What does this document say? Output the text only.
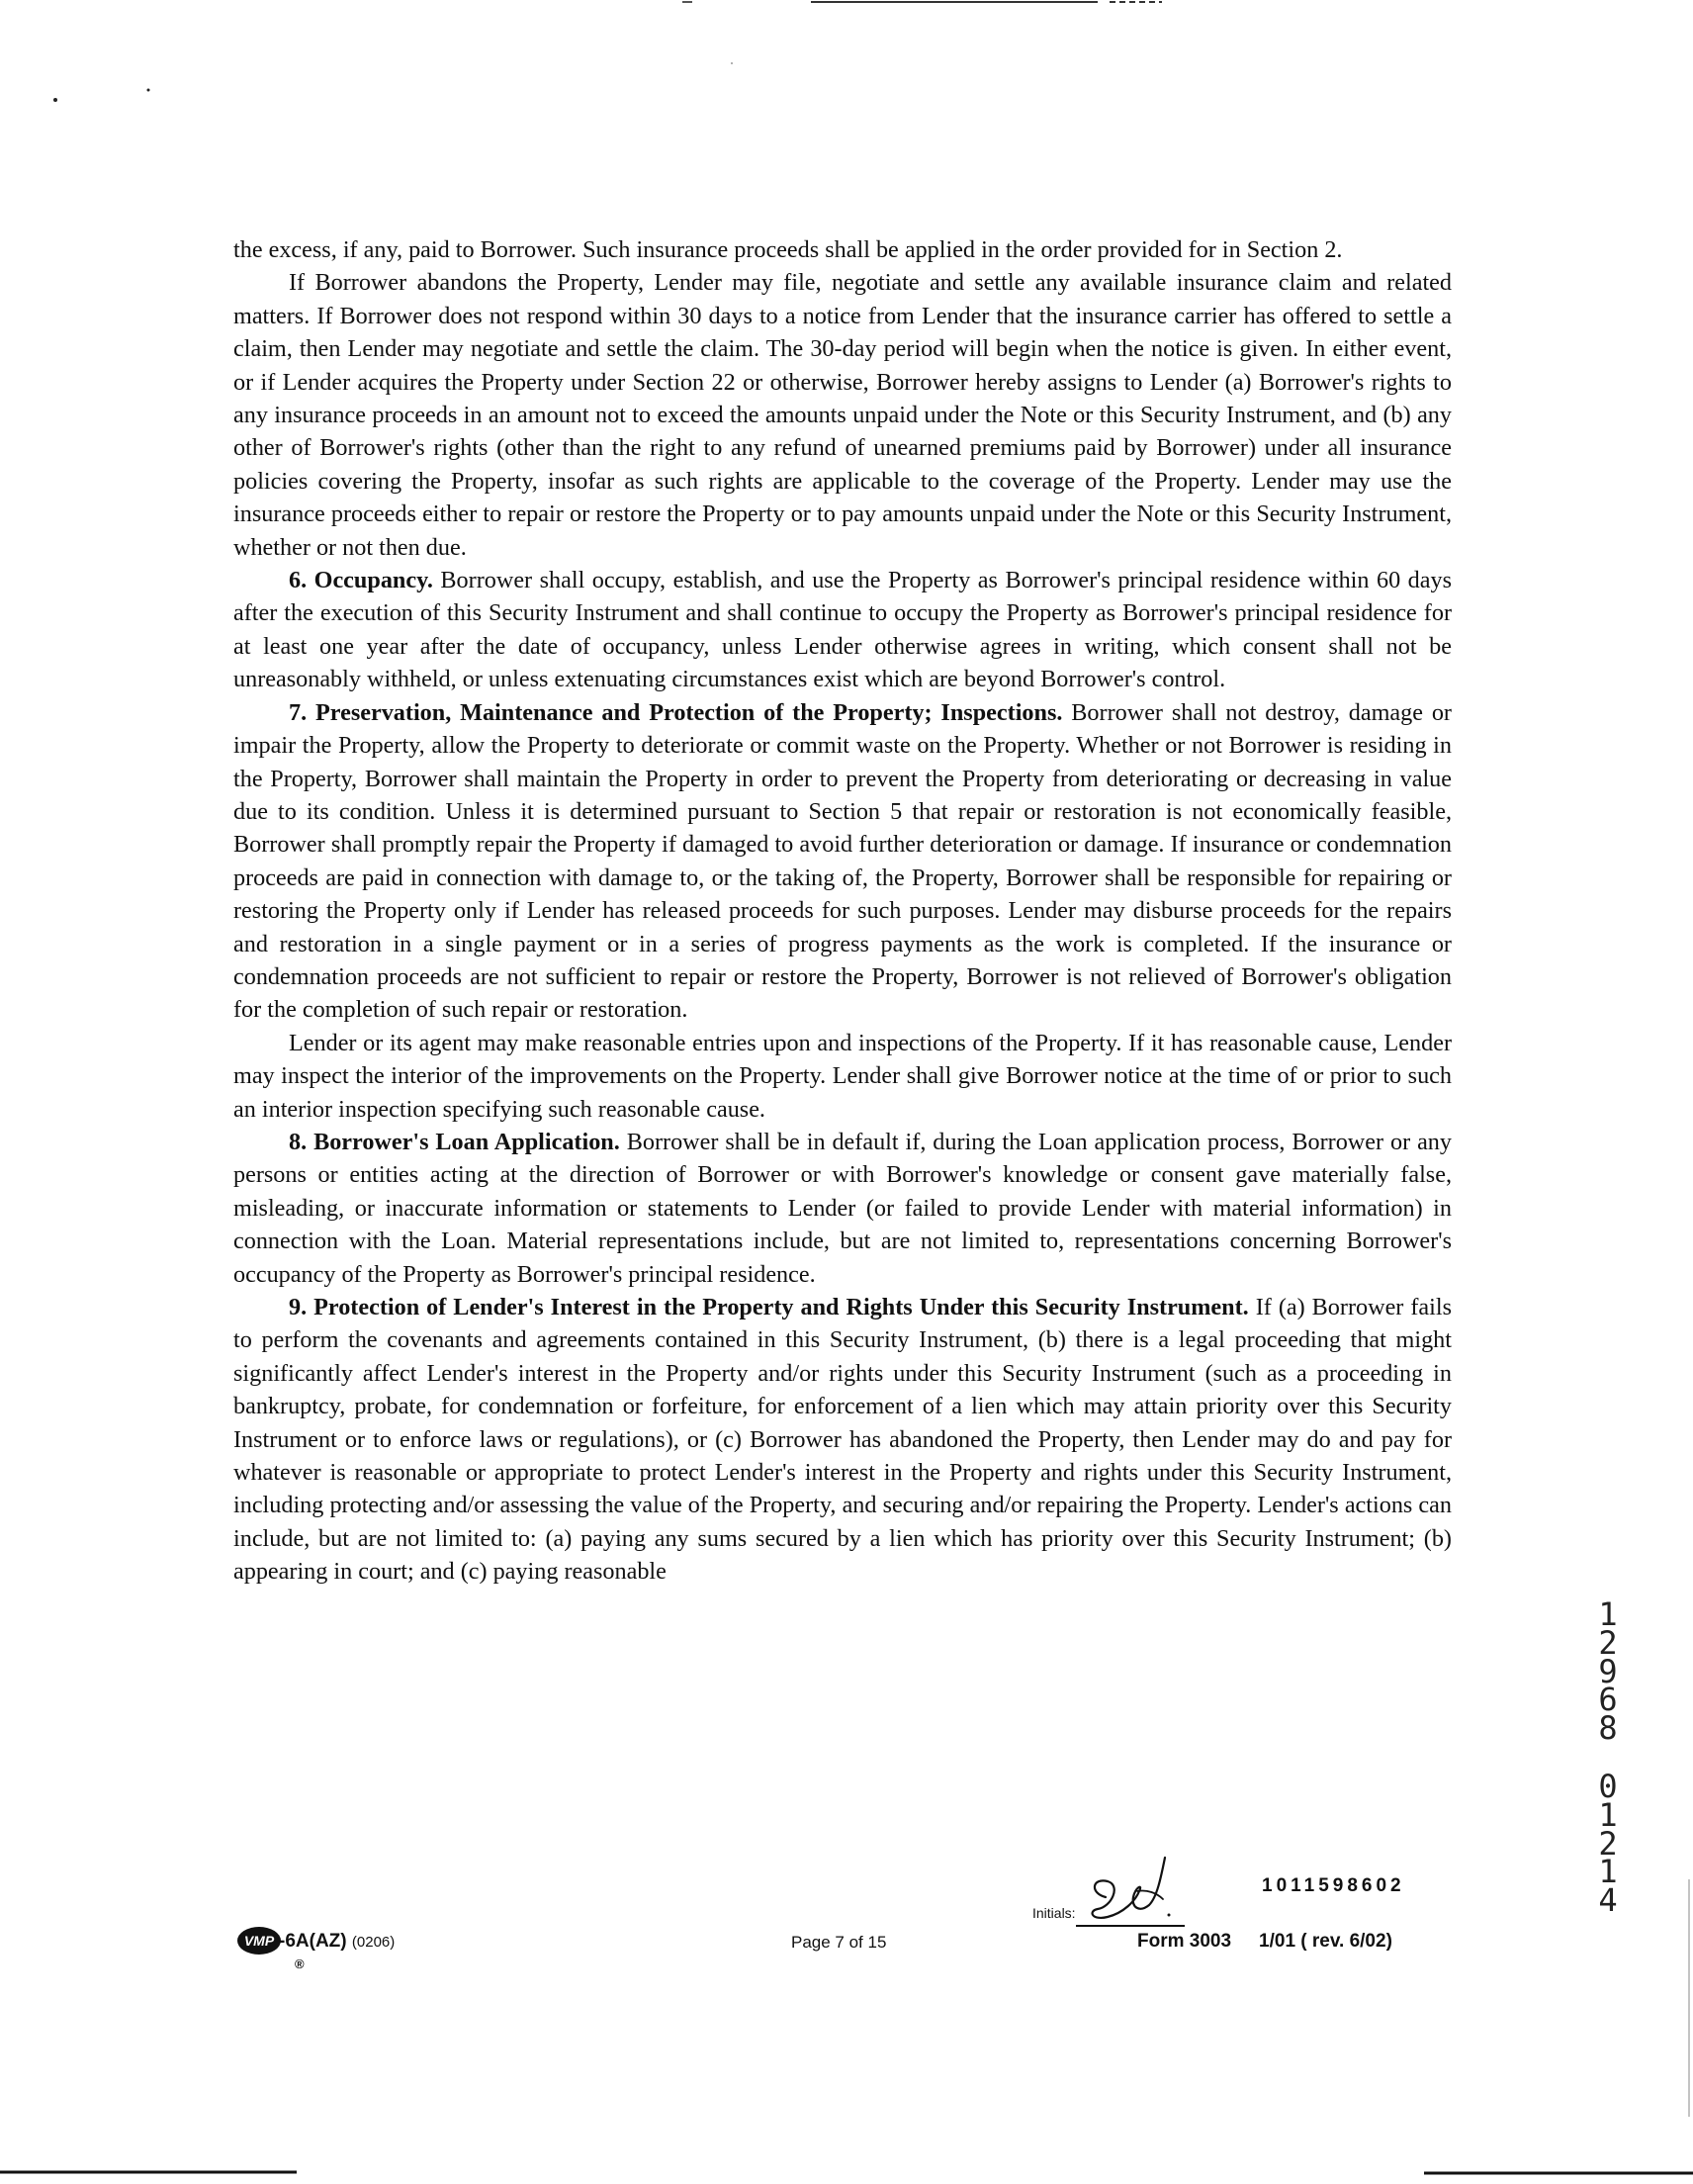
the excess, if any, paid to Borrower. Such insurance proceeds shall be applied in the order provided for in Section 2.

If Borrower abandons the Property, Lender may file, negotiate and settle any available insurance claim and related matters. If Borrower does not respond within 30 days to a notice from Lender that the insurance carrier has offered to settle a claim, then Lender may negotiate and settle the claim. The 30-day period will begin when the notice is given. In either event, or if Lender acquires the Property under Section 22 or otherwise, Borrower hereby assigns to Lender (a) Borrower's rights to any insurance proceeds in an amount not to exceed the amounts unpaid under the Note or this Security Instrument, and (b) any other of Borrower's rights (other than the right to any refund of unearned premiums paid by Borrower) under all insurance policies covering the Property, insofar as such rights are applicable to the coverage of the Property. Lender may use the insurance proceeds either to repair or restore the Property or to pay amounts unpaid under the Note or this Security Instrument, whether or not then due.

6. Occupancy. Borrower shall occupy, establish, and use the Property as Borrower's principal residence within 60 days after the execution of this Security Instrument and shall continue to occupy the Property as Borrower's principal residence for at least one year after the date of occupancy, unless Lender otherwise agrees in writing, which consent shall not be unreasonably withheld, or unless extenuating circumstances exist which are beyond Borrower's control.

7. Preservation, Maintenance and Protection of the Property; Inspections. Borrower shall not destroy, damage or impair the Property, allow the Property to deteriorate or commit waste on the Property. Whether or not Borrower is residing in the Property, Borrower shall maintain the Property in order to prevent the Property from deteriorating or decreasing in value due to its condition. Unless it is determined pursuant to Section 5 that repair or restoration is not economically feasible, Borrower shall promptly repair the Property if damaged to avoid further deterioration or damage. If insurance or condemnation proceeds are paid in connection with damage to, or the taking of, the Property, Borrower shall be responsible for repairing or restoring the Property only if Lender has released proceeds for such purposes. Lender may disburse proceeds for the repairs and restoration in a single payment or in a series of progress payments as the work is completed. If the insurance or condemnation proceeds are not sufficient to repair or restore the Property, Borrower is not relieved of Borrower's obligation for the completion of such repair or restoration.

Lender or its agent may make reasonable entries upon and inspections of the Property. If it has reasonable cause, Lender may inspect the interior of the improvements on the Property. Lender shall give Borrower notice at the time of or prior to such an interior inspection specifying such reasonable cause.

8. Borrower's Loan Application. Borrower shall be in default if, during the Loan application process, Borrower or any persons or entities acting at the direction of Borrower or with Borrower's knowledge or consent gave materially false, misleading, or inaccurate information or statements to Lender (or failed to provide Lender with material information) in connection with the Loan. Material representations include, but are not limited to, representations concerning Borrower's occupancy of the Property as Borrower's principal residence.

9. Protection of Lender's Interest in the Property and Rights Under this Security Instrument. If (a) Borrower fails to perform the covenants and agreements contained in this Security Instrument, (b) there is a legal proceeding that might significantly affect Lender's interest in the Property and/or rights under this Security Instrument (such as a proceeding in bankruptcy, probate, for condemnation or forfeiture, for enforcement of a lien which may attain priority over this Security Instrument or to enforce laws or regulations), or (c) Borrower has abandoned the Property, then Lender may do and pay for whatever is reasonable or appropriate to protect Lender's interest in the Property and rights under this Security Instrument, including protecting and/or assessing the value of the Property, and securing and/or repairing the Property. Lender's actions can include, but are not limited to: (a) paying any sums secured by a lien which has priority over this Security Instrument; (b) appearing in court; and (c) paying reasonable

1
2
9
6
8
0
1
2
1
4
VMP
®
-6A(AZ) (0206)	Page 7 of 15
Initials:
1011598602
Form 3003 1/01 ( rev. 6/02)
